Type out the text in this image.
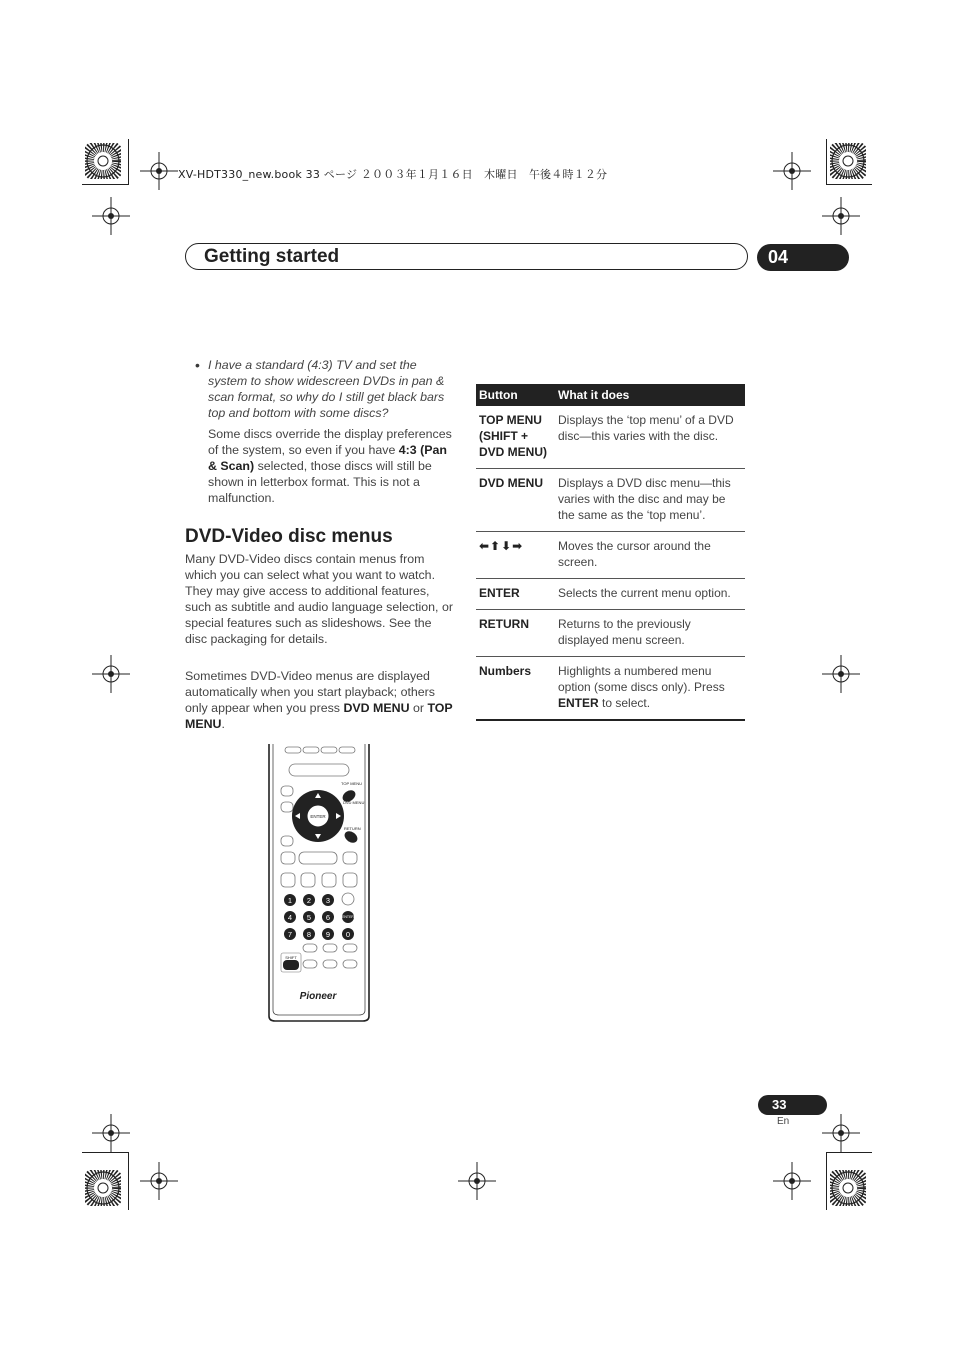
XV-HDT330_new.book 33 ページ ２００３年１月１６日　木曜日　午後４時１２分
Getting started	04
• I have a standard (4:3) TV and set the system to show widescreen DVDs in pan & scan format, so why do I still get black bars top and bottom with some discs?
Some discs override the display preferences of the system, so even if you have 4:3 (Pan & Scan) selected, those discs will still be shown in letterbox format. This is not a malfunction.
DVD-Video disc menus
Many DVD-Video discs contain menus from which you can select what you want to watch. They may give access to additional features, such as subtitle and audio language selection, or special features such as slideshows. See the disc packaging for details.
Sometimes DVD-Video menus are displayed automatically when you start playback; others only appear when you press DVD MENU or TOP MENU.
Button	What it does
TOP MENU (SHIFT + DVD MENU)	Displays the ‘top menu’ of a DVD disc—this varies with the disc.
DVD MENU	Displays a DVD disc menu—this varies with the disc and may be the same as the ‘top menu’.
⬅⬆⬇➡	Moves the cursor around the screen.
ENTER	Selects the current menu option.
RETURN	Returns to the previously displayed menu screen.
Numbers	Highlights a numbered menu option (some discs only). Press ENTER to select.
ENTER
TOP MENU
DVD MENU
RETURN
1 2 3
4 5 6
7 8 9 0
ENTER
SHIFT
Pioneer
33
En
